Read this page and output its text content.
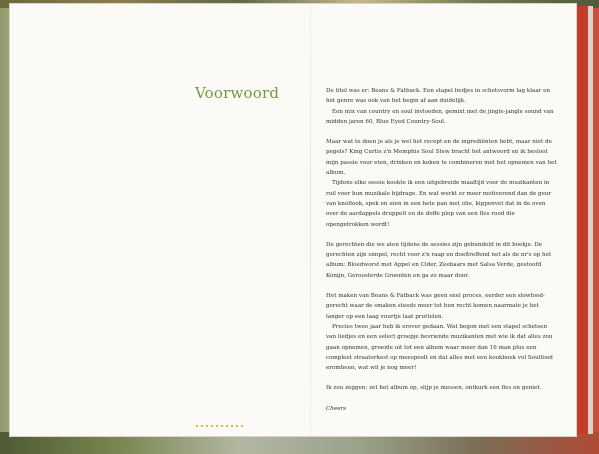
Voorwoord	De titel was er: Beans & Fatback. Een stapel liedjes in schetsvorm lag klaar en het genre was ook van het begin af aan duidelijk.

Een mix van country en soul invloeden, gemixt met de jingle-jangle sound van midden jaren 60, Blue Eyed Country-Soul.

Maar wat te doen je als je wel het recept en de ingrediënten hebt, maar niet de pegels? King Curtis z'n Memphis Soul Stew bracht het antwoord en ik besloot mijn passie voor eten, drinken en koken te combineren met het opnemen van het album.

Tijdens elke sessie kookte ik een uitgebreide maaltijd voor de muzikanten in ruil voor hun muzikale bijdrage. En wat werkt er meer motiverend dan de geur van knoflook, spek en uien in een hete pan met olie, kippenvet dat in de oven over de aardappels druppelt en de doffe plop van een fles rood die opengetrokken wordt!

De gerechten die we aten tijdens de sessies zijn gebundeld in dit boekje. De gerechten zijn simpel, recht voor z'n raap en doeltreffend net als de nr's op het album: Bloedworst met Appel en Cider, Zeebaars met Salsa Verde, gestoofd Konijn, Geroosterde Groenten en ga zo maar door.

Het maken van Beans & Fatback was geen snel proces, eerder een slowfood-gerecht waar de smaken steeds meer tot hun recht komen naarmate je het langer op een laag vuurtje laat pruttelen.

Precies twee jaar heb ik erover gedaan. Wat begon met een stapel schetsen van liedjes en een select groepje bevriende muzikanten met wie ik dat alles zou gaan opnemen, groeide uit tot een album waar meer dan 16 man plus een compleet straatorkest op meespeelt en dat alles met een kookboek vol Soulfood eromheen, wat wil je nog meer!

Ik zou zeggen; zet het album op, slijp je messen, ontkurk een fles en geniet.

Cheers
